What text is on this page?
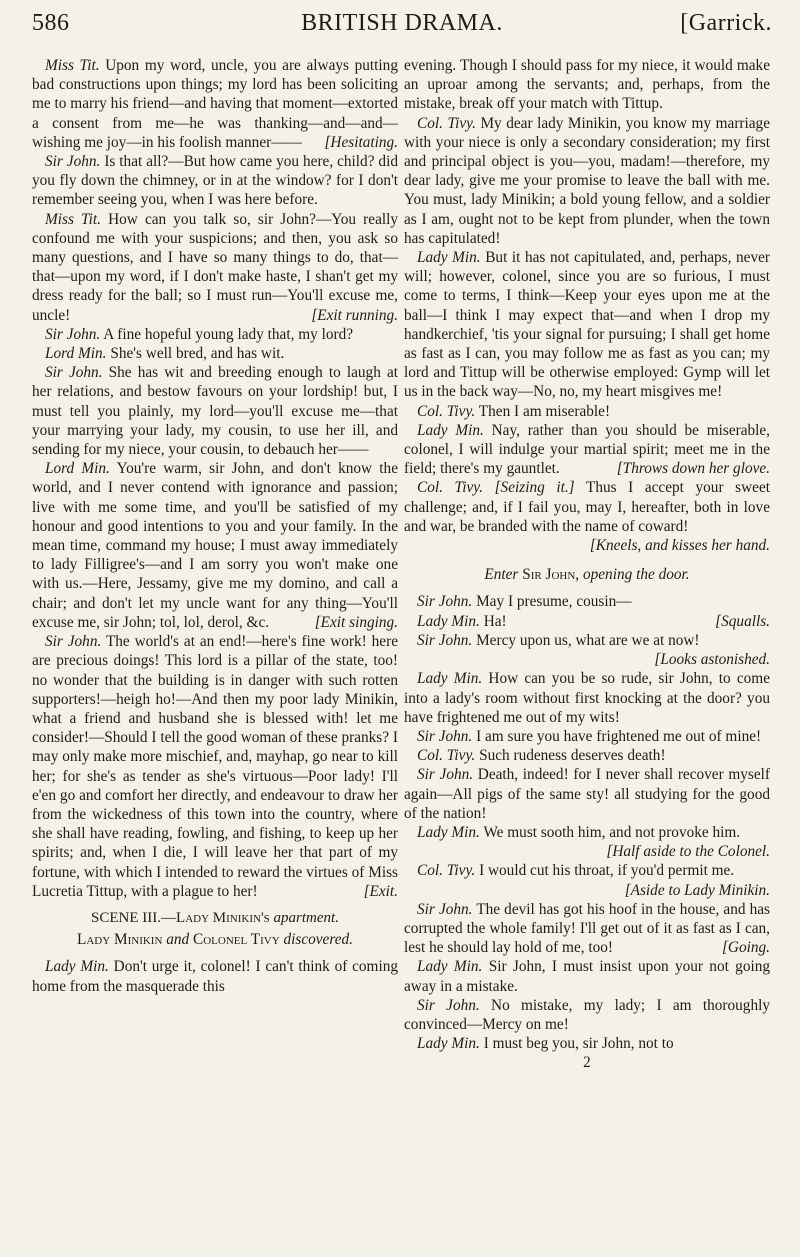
586	BRITISH DRAMA.	[Garrick.

Miss Tit. Upon my word, uncle, you are always putting bad constructions upon things; my lord has been soliciting me to marry his friend—and having that moment—extorted a consent from me—he was thanking—and—and—wishing me joy—in his foolish manner——	[Hesitating.

Sir John. Is that all?—But how came you here, child? did you fly down the chimney, or in at the window? for I don't remember seeing you, when I was here before.

Miss Tit. How can you talk so, sir John?—You really confound me with your suspicions; and then, you ask so many questions, and I have so many things to do, that—that—upon my word, if I don't make haste, I shan't get my dress ready for the ball; so I must run—You'll excuse me, uncle!	[Exit running.

Sir John. A fine hopeful young lady that, my lord?

Lord Min. She's well bred, and has wit.

Sir John. She has wit and breeding enough to laugh at her relations, and bestow favours on your lordship! but, I must tell you plainly, my lord—you'll excuse me—that your marrying your lady, my cousin, to use her ill, and sending for my niece, your cousin, to debauch her——

Lord Min. You're warm, sir John, and don't know the world, and I never contend with ignorance and passion; live with me some time, and you'll be satisfied of my honour and good intentions to you and your family. In the mean time, command my house; I must away immediately to lady Filligree's—and I am sorry you won't make one with us.—Here, Jessamy, give me my domino, and call a chair; and don't let my uncle want for any thing—You'll excuse me, sir John; tol, lol, derol, &c.	[Exit singing.

Sir John. The world's at an end!—here's fine work! here are precious doings! This lord is a pillar of the state, too! no wonder that the building is in danger with such rotten supporters!—heigh ho!—And then my poor lady Minikin, what a friend and husband she is blessed with! let me consider!—Should I tell the good woman of these pranks? I may only make more mischief, and, mayhap, go near to kill her; for she's as tender as she's virtuous—Poor lady! I'll e'en go and comfort her directly, and endeavour to draw her from the wickedness of this town into the country, where she shall have reading, fowling, and fishing, to keep up her spirits; and, when I die, I will leave her that part of my fortune, with which I intended to reward the virtues of Miss Lucretia Tittup, with a plague to her!	[Exit.

SCENE III.—Lady Minikin's apartment.

Lady Minikin and Colonel Tivy discovered.

Lady Min. Don't urge it, colonel! I can't think of coming home from the masquerade this

evening. Though I should pass for my niece, it would make an uproar among the servants; and, perhaps, from the mistake, break off your match with Tittup.

Col. Tivy. My dear lady Minikin, you know my marriage with your niece is only a secondary consideration; my first and principal object is you—you, madam!—therefore, my dear lady, give me your promise to leave the ball with me. You must, lady Minikin; a bold young fellow, and a soldier as I am, ought not to be kept from plunder, when the town has capitulated!

Lady Min. But it has not capitulated, and, perhaps, never will; however, colonel, since you are so furious, I must come to terms, I think—Keep your eyes upon me at the ball—I think I may expect that—and when I drop my handkerchief, 'tis your signal for pursuing; I shall get home as fast as I can, you may follow me as fast as you can; my lord and Tittup will be otherwise employed: Gymp will let us in the back way—No, no, my heart misgives me!

Col. Tivy. Then I am miserable!

Lady Min. Nay, rather than you should be miserable, colonel, I will indulge your martial spirit; meet me in the field; there's my gauntlet.	[Throws down her glove.

Col. Tivy. [Seizing it.] Thus I accept your sweet challenge; and, if I fail you, may I, hereafter, both in love and war, be branded with the name of coward!
[Kneels, and kisses her hand.

Enter Sir John, opening the door.

Sir John. May I presume, cousin—

Lady Min. Ha!	[Squalls.

Sir John. Mercy upon us, what are we at now!
[Looks astonished.

Lady Min. How can you be so rude, sir John, to come into a lady's room without first knocking at the door? you have frightened me out of my wits!

Sir John. I am sure you have frightened me out of mine!

Col. Tivy. Such rudeness deserves death!

Sir John. Death, indeed! for I never shall recover myself again—All pigs of the same sty! all studying for the good of the nation!

Lady Min. We must sooth him, and not provoke him.
[Half aside to the Colonel.

Col. Tivy. I would cut his throat, if you'd permit me.
[Aside to Lady Minikin.

Sir John. The devil has got his hoof in the house, and has corrupted the whole family! I'll get out of it as fast as I can, lest he should lay hold of me, too!	[Going.

Lady Min. Sir John, I must insist upon your not going away in a mistake.

Sir John. No mistake, my lady; I am thoroughly convinced—Mercy on me!

Lady Min. I must beg you, sir John, not to

2
